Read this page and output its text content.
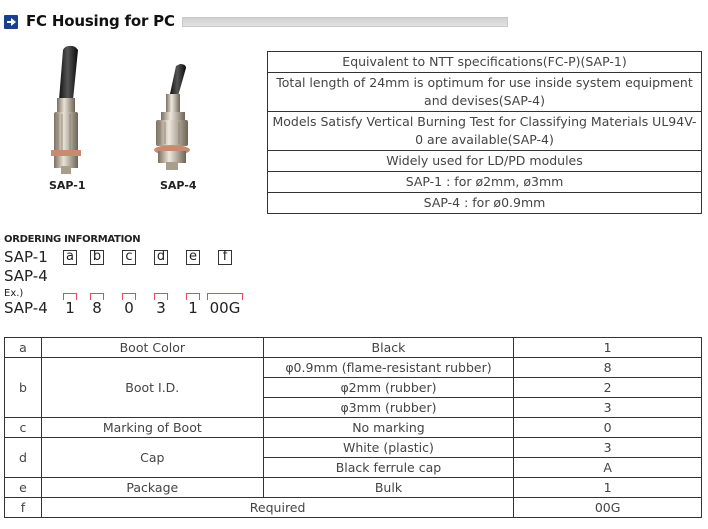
FC Housing for PC
SAP-1	SAP-4
Equivalent to NTT specifications(FC-P)(SAP-1)
Total length of 24mm is optimum for use inside system equipment and devises(SAP-4)
Models Satisfy Vertical Burning Test for Classifying Materials UL94V-0 are available(SAP-4)
Widely used for LD/PD modules
SAP-1 : for ø2mm, ø3mm
SAP-4 : for ø0.9mm
ORDERING INFORMATION
SAP-1
SAP-4
a b c d e	f
Ex.)
SAP-4 1 8 0 3 1 00G
a	Boot Color	Black	1
b	Boot I.D.	φ0.9mm (flame-resistant rubber)	8
		φ2mm (rubber)	2
		φ3mm (rubber)	3
c	Marking of Boot	No marking	0
d	Cap	White (plastic)	3
		Black ferrule cap	A
e	Package	Bulk	1
f	Required		00G
